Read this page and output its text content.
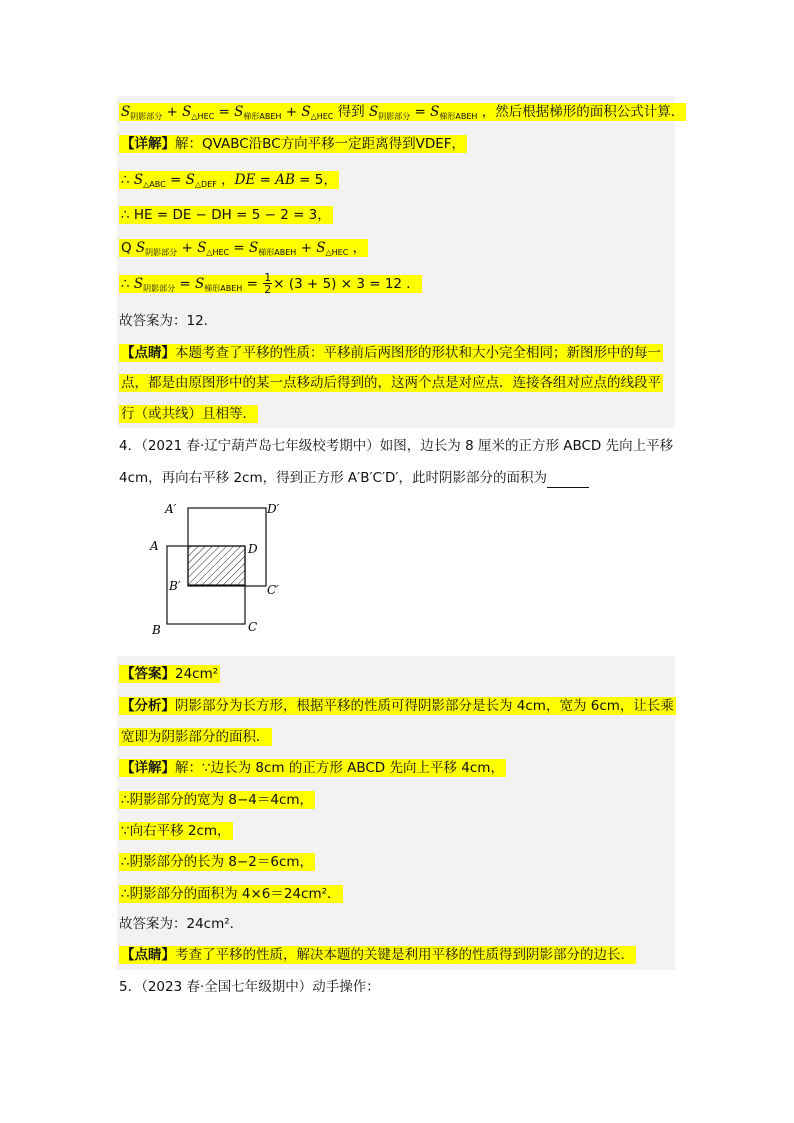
$S_{阴影部分} + S_{\triangle HEC} = S_{梯形ABEH} + S_{\triangle HEC}$ 得到 $S_{阴影部分} = S_{梯形ABEH}$ ，然后根据梯形的面积公式计算．
【详解】解：QVABC沿BC方向平移一定距离得到VDEF，
∴ $S_{\triangle ABC} = S_{\triangle DEF}$ ，DE = AB = 5，
∴ HE = DE − DH = 5 − 2 = 3，
Q $S_{阴影部分} + S_{\triangle HEC} = S_{梯形ABEH} + S_{\triangle HEC}$ ，
∴ $S_{阴影部分} = S_{梯形ABEH} = \frac{1}{2} \times (3 + 5) \times 3 = 12$ ．
故答案为：12．
【点睛】本题考查了平移的性质：平移前后两图形的形状和大小完全相同；新图形中的每一
点，都是由原图形中的某一点移动后得到的，这两个点是对应点．连接各组对应点的线段平
行（或共线）且相等．
4．（2021 春·辽宁葫芦岛七年级校考期中）如图，边长为 8 厘米的正方形 ABCD 先向上平移
4cm，再向右平移 2cm，得到正方形 A′B′C′D′，此时阴影部分的面积为
A′	D′
A	D
B′	C′
B	C
【答案】24cm²
【分析】阴影部分为长方形，根据平移的性质可得阴影部分是长为 4cm，宽为 6cm，让长乘
宽即为阴影部分的面积．
【详解】解：∵边长为 8cm 的正方形 ABCD 先向上平移 4cm，
∴阴影部分的宽为 8−4＝4cm，
∵向右平移 2cm，
∴阴影部分的长为 8−2＝6cm，
∴阴影部分的面积为 4×6＝24cm²．
故答案为：24cm²．
【点睛】考查了平移的性质，解决本题的关键是利用平移的性质得到阴影部分的边长．
5．（2023 春·全国七年级期中）动手操作：
